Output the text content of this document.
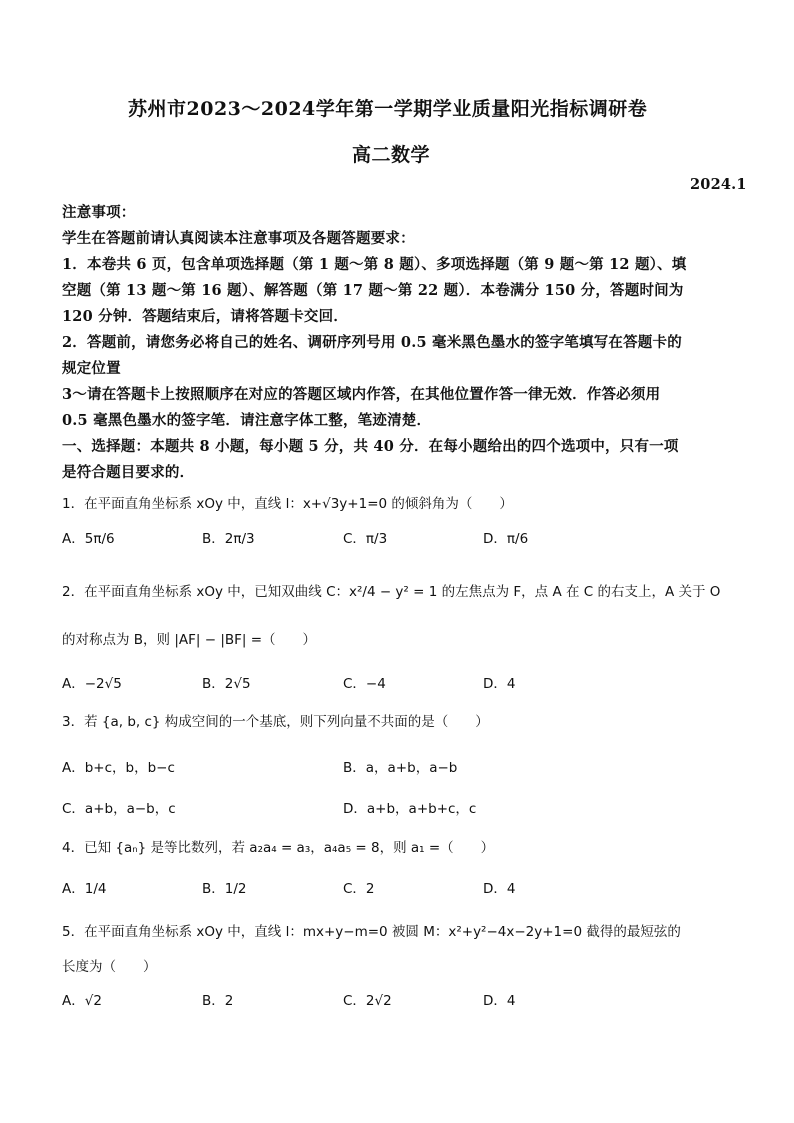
苏州市2023～2024学年第一学期学业质量阳光指标调研卷
高二数学
2024.1
注意事项：
学生在答题前请认真阅读本注意事项及各题答题要求：
1．本卷共 6 页，包含单项选择题（第 1 题～第 8 题）、多项选择题（第 9 题～第 12 题）、填
空题（第 13 题～第 16 题）、解答题（第 17 题～第 22 题）．本卷满分 150 分，答题时间为
120 分钟．答题结束后，请将答题卡交回．
2．答题前，请您务必将自己的姓名、调研序列号用 0.5 毫米黑色墨水的签字笔填写在答题卡的
规定位置
3～请在答题卡上按照顺序在对应的答题区域内作答，在其他位置作答一律无效．作答必须用
0.5 毫黑色墨水的签字笔．请注意字体工整，笔迹清楚．
一、选择题：本题共 8 小题，每小题 5 分，共 40 分．在每小题给出的四个选项中，只有一项
是符合题目要求的．
1．在平面直角坐标系 xOy 中，直线 l：x+√3y+1=0 的倾斜角为（　　）
A．5π/6	B．2π/3	C．π/3	D．π/6
2．在平面直角坐标系 xOy 中，已知双曲线 C：x²/4 − y² = 1 的左焦点为 F，点 A 在 C 的右支上，A 关于 O
的对称点为 B，则 |AF| − |BF| =（　　）
A．−2√5	B．2√5	C．−4	D．4
3．若 {a, b, c} 构成空间的一个基底，则下列向量不共面的是（　　）
A．b+c，b，b−c	B．a，a+b，a−b
C．a+b，a−b，c	D．a+b，a+b+c，c
4．已知 {aₙ} 是等比数列，若 a₂a₄ = a₃，a₄a₅ = 8，则 a₁ =（　　）
A．1/4	B．1/2	C．2	D．4
5．在平面直角坐标系 xOy 中，直线 l：mx+y−m=0 被圆 M：x²+y²−4x−2y+1=0 截得的最短弦的
长度为（　　）
A．√2	B．2	C．2√2	D．4
